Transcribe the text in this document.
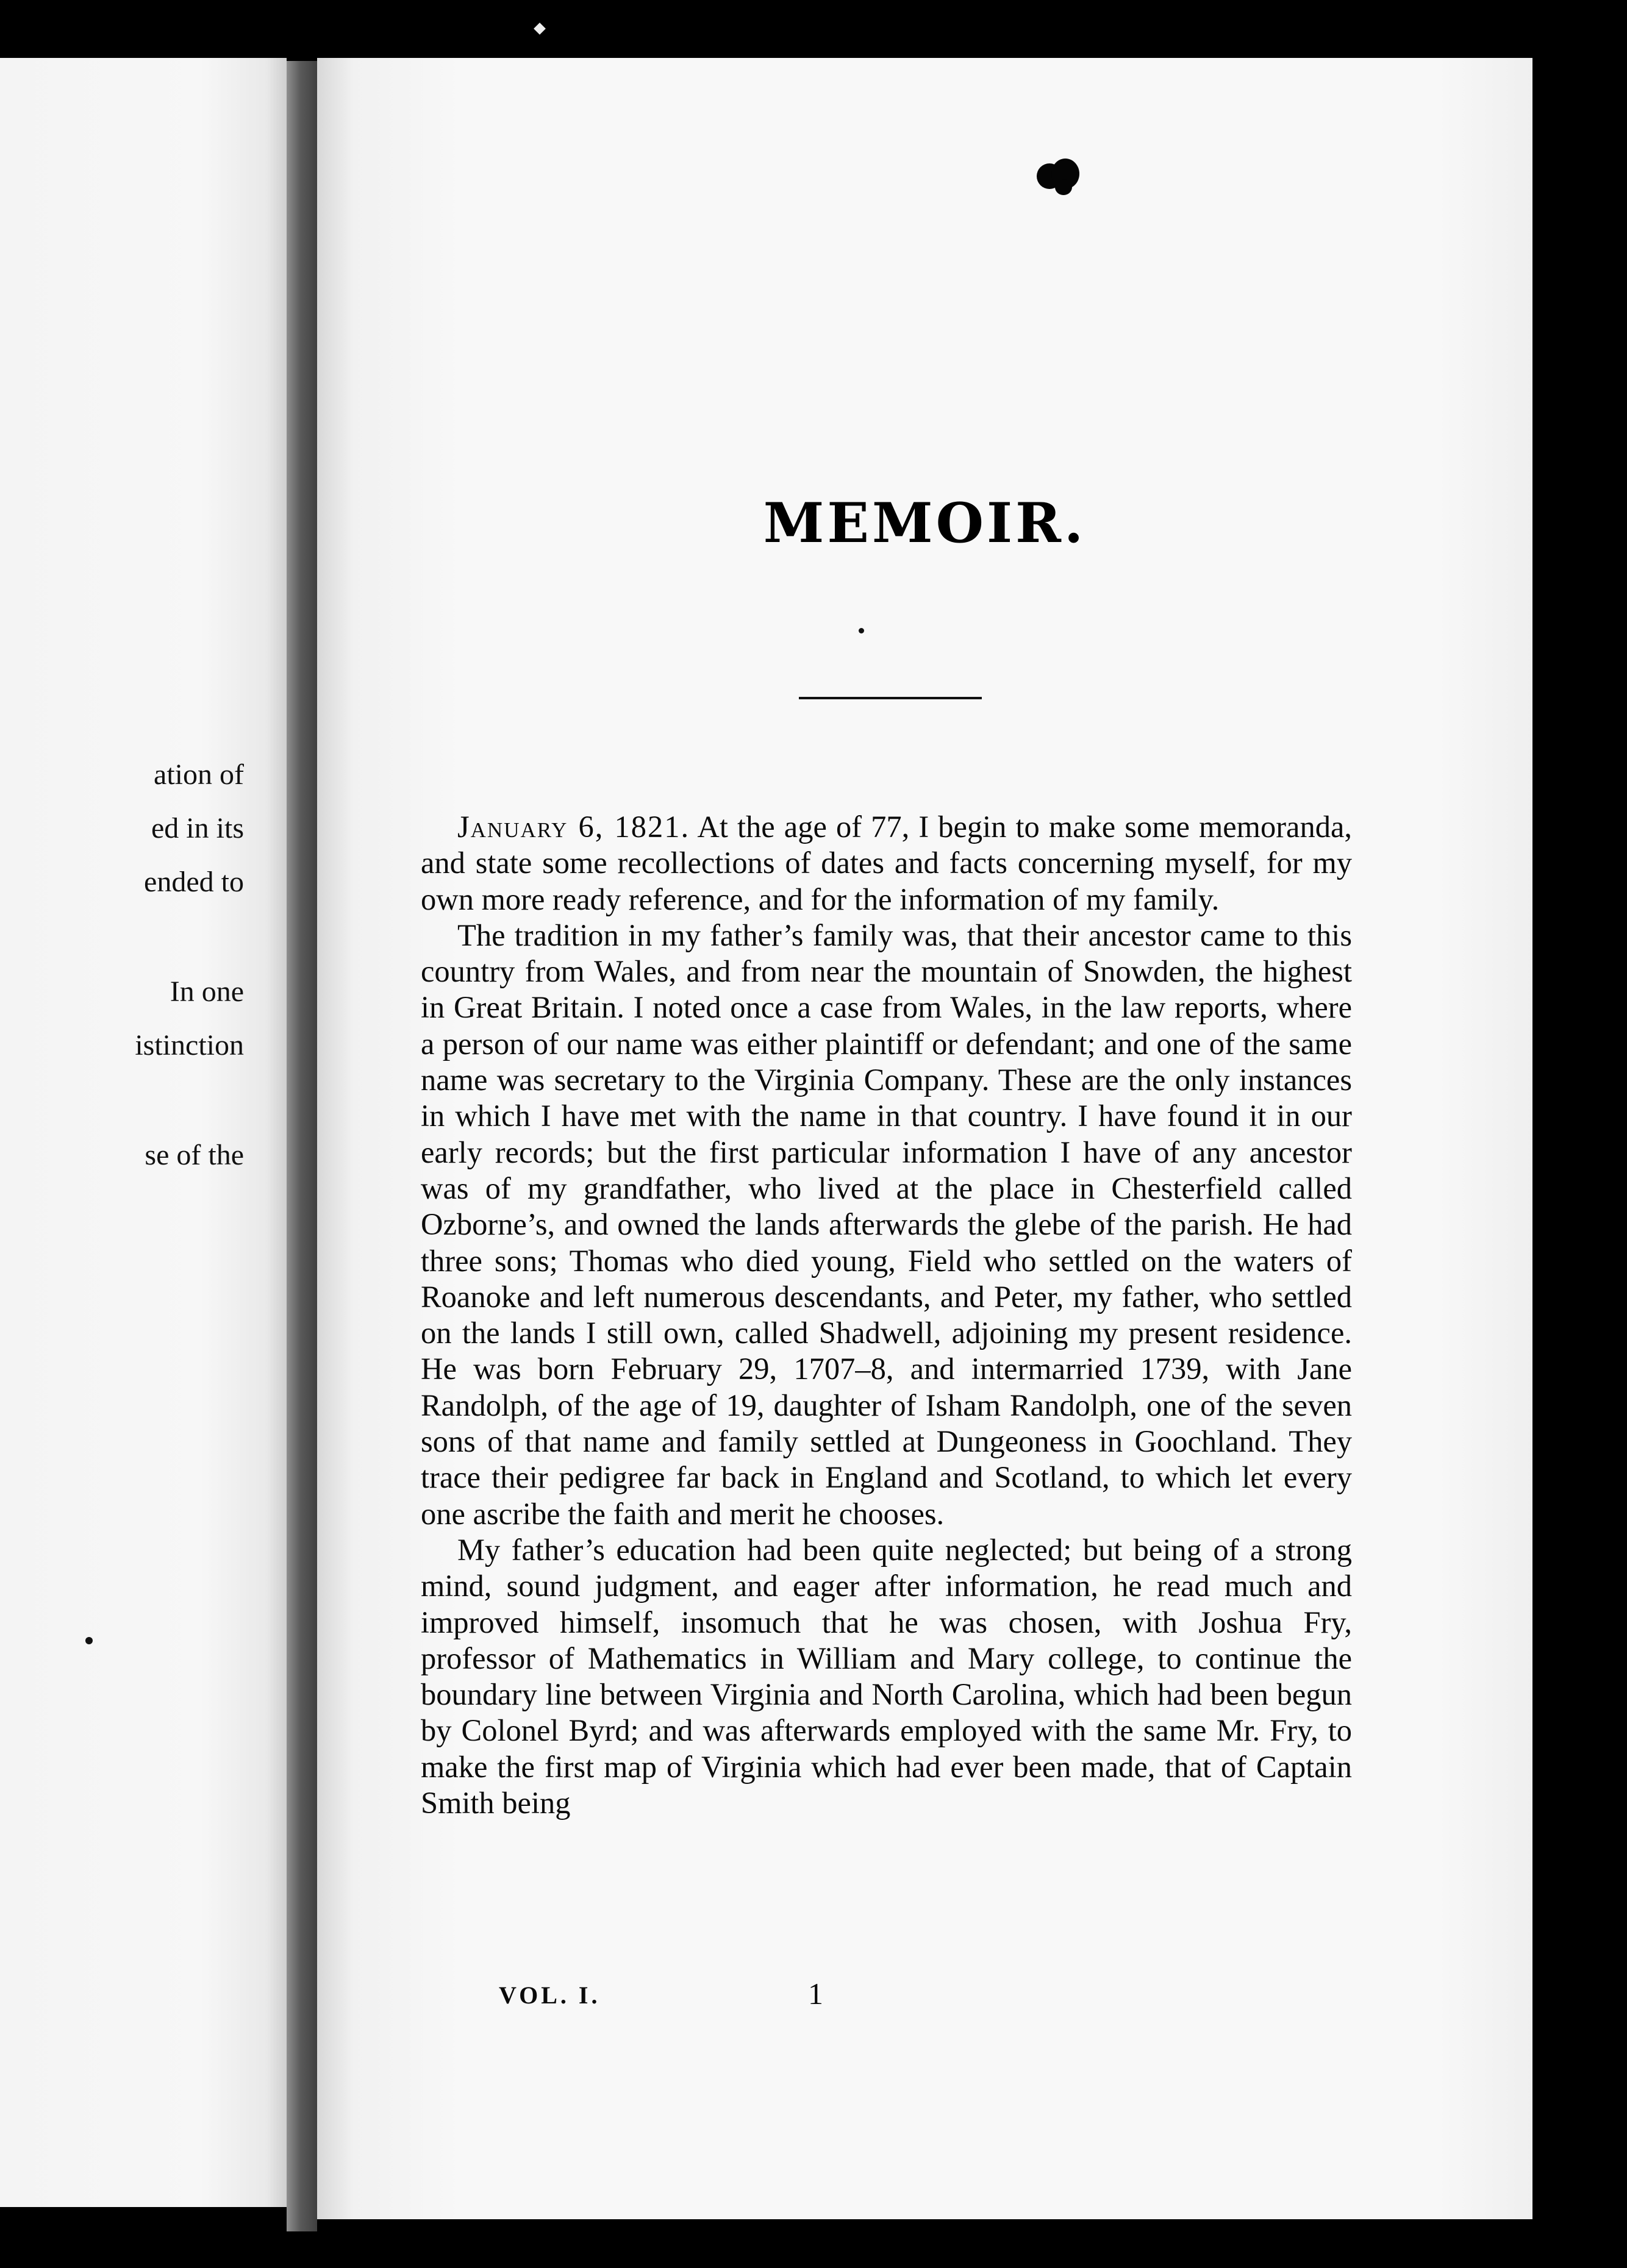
ation of
ed in its
ended to
In one
istinction
se of the
MEMOIR.

January 6, 1821. At the age of 77, I begin to make some memoranda, and state some recollections of dates and facts concerning myself, for my own more ready reference, and for the information of my family.

The tradition in my father’s family was, that their ancestor came to this country from Wales, and from near the mountain of Snowden, the highest in Great Britain. I noted once a case from Wales, in the law reports, where a person of our name was either plaintiff or defendant; and one of the same name was secretary to the Virginia Company. These are the only instances in which I have met with the name in that country. I have found it in our early records; but the first particular information I have of any ancestor was of my grandfather, who lived at the place in Chesterfield called Ozborne’s, and owned the lands afterwards the glebe of the parish. He had three sons; Thomas who died young, Field who settled on the waters of Roanoke and left numerous descendants, and Peter, my father, who settled on the lands I still own, called Shadwell, adjoining my present residence. He was born February 29, 1707–8, and intermarried 1739, with Jane Randolph, of the age of 19, daughter of Isham Randolph, one of the seven sons of that name and family settled at Dungeoness in Goochland. They trace their pedigree far back in England and Scotland, to which let every one ascribe the faith and merit he chooses.

My father’s education had been quite neglected; but being of a strong mind, sound judgment, and eager after information, he read much and improved himself, insomuch that he was chosen, with Joshua Fry, professor of Mathematics in William and Mary college, to continue the boundary line between Virginia and North Carolina, which had been begun by Colonel Byrd; and was afterwards employed with the same Mr. Fry, to make the first map of Virginia which had ever been made, that of Captain Smith being

VOL. I.	1
